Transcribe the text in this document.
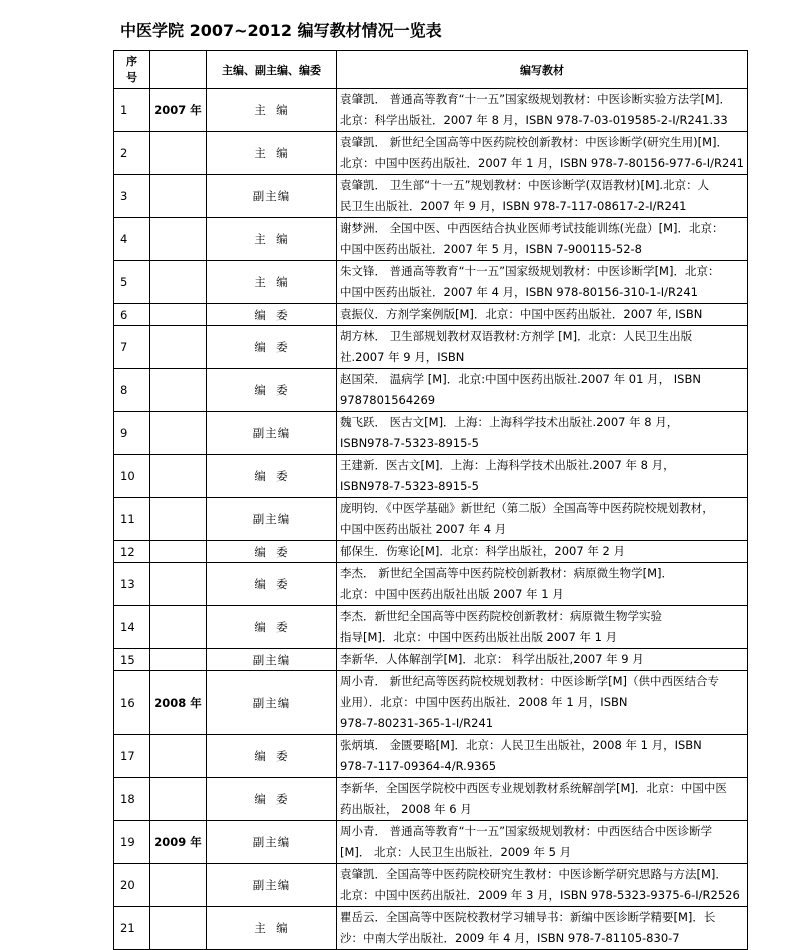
中医学院 2007~2012 编写教材情况一览表
序
号		主编、副主编、编委	编写教材
1	2007 年	主  编	袁肇凯． 普通高等教育“十一五”国家级规划教材：中医诊断实验方法学[M]．
北京：科学出版社．2007 年 8 月，ISBN 978-7-03-019585-2-I/R241.33

2		主  编	袁肇凯． 新世纪全国高等中医药院校创新教材：中医诊断学(研究生用)[M]．
北京：中国中医药出版社．2007 年 1 月，ISBN 978-7-80156-977-6-I/R241

3		副主编	袁肇凯． 卫生部“十一五”规划教材：中医诊断学(双语教材)[M].北京：人
民卫生出版社．2007 年 9 月，ISBN 978-7-117-08617-2-I/R241

4		主  编	谢梦洲． 全国中医、中西医结合执业医师考试技能训练(光盘）[M]．北京：
中国中医药出版社．2007 年 5 月，ISBN 7-900115-52-8

5		主  编	朱文锋． 普通高等教育“十一五”国家级规划教材：中医诊断学[M]．北京：
中国中医药出版社．2007 年 4 月，ISBN 978-80156-310-1-I/R241

6		编  委	袁振仪．方剂学案例版[M]．北京：中国中医药出版社．2007 年, ISBN

7		编  委	胡方林． 卫生部规划教材双语教材:方剂学 [M]．北京：人民卫生出版
社.2007 年 9 月，ISBN

8		编  委	赵国荣． 温病学 [M]．北京:中国中医药出版社.2007 年 01 月， ISBN
9787801564269

9		副主编	魏飞跃． 医古文[M]．上海：上海科学技术出版社.2007 年 8 月，
ISBN978-7-5323-8915-5

10		编  委	王建新．医古文[M]．上海：上海科学技术出版社.2007 年 8 月，
ISBN978-7-5323-8915-5

11		副主编	庞明钧．《中医学基础》新世纪（第二版）全国高等中医药院校规划教材，
中国中医药出版社 2007 年 4 月

12		编  委	郁保生．伤寒论[M]．北京：科学出版社，2007 年 2 月

13		编  委	李杰． 新世纪全国高等中医药院校创新教材：病原微生物学[M]．
北京：中国中医药出版社出版 2007 年 1 月

14		编  委	李杰．新世纪全国高等中医药院校创新教材：病原微生物学实验
指导[M]．北京：中国中医药出版社出版 2007 年 1 月

15		副主编	李新华．人体解剖学[M]．北京： 科学出版社,2007 年 9 月

16	2008 年	副主编	周小青． 新世纪高等医药院校规划教材：中医诊断学[M]（供中西医结合专
业用）．北京：中国中医药出版社．2008 年 1 月，ISBN
978-7-80231-365-1-I/R241

17		编  委	张炳填． 金匮要略[M]．北京：人民卫生出版社，2008 年 1 月，ISBN
978-7-117-09364-4/R.9365

18		编  委	李新华．全国医学院校中西医专业规划教材系统解剖学[M]．北京：中国中医
药出版社， 2008 年 6 月

19	2009 年	副主编	周小青． 普通高等教育“十一五”国家级规划教材：中西医结合中医诊断学
[M]． 北京：人民卫生出版社．2009 年 5 月

20		副主编	袁肇凯．全国高等中医药院校研究生教材：中医诊断学研究思路与方法[M]．
北京：中国中医药出版社．2009 年 3 月，ISBN 978-5323-9375-6-I/R2526

21		主  编	瞿岳云．全国高等中医院校教材学习辅导书：新编中医诊断学精要[M]．长
沙：中南大学出版社．2009 年 4 月，ISBN 978-7-81105-830-7
